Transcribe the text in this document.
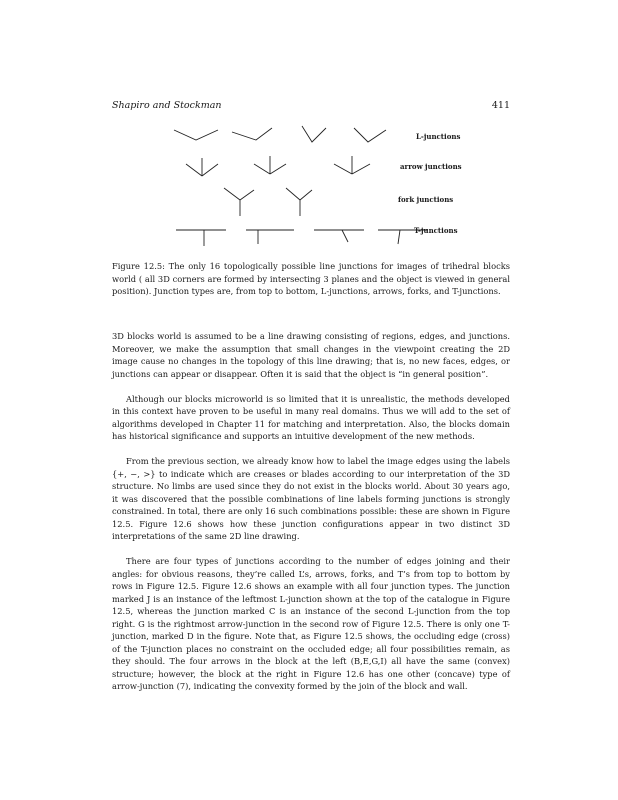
Shapiro and Stockman	411
L-junctions
arrow junctions
fork junctions
T-junctions
Figure 12.5: The only 16 topologically possible line junctions for images of trihedral blocks world ( all 3D corners are formed by intersecting 3 planes and the object is viewed in general position). Junction types are, from top to bottom, L-junctions, arrows, forks, and T-junctions.

3D blocks world is assumed to be a line drawing consisting of regions, edges, and junctions. Moreover, we make the assumption that small changes in the viewpoint creating the 2D image cause no changes in the topology of this line drawing; that is, no new faces, edges, or junctions can appear or disappear. Often it is said that the object is “in general position”.

Although our blocks microworld is so limited that it is unrealistic, the methods developed in this context have proven to be useful in many real domains. Thus we will add to the set of algorithms developed in Chapter 11 for matching and interpretation. Also, the blocks domain has historical significance and supports an intuitive development of the new methods.

From the previous section, we already know how to label the image edges using the labels {+, −, >} to indicate which are creases or blades according to our interpretation of the 3D structure. No limbs are used since they do not exist in the blocks world. About 30 years ago, it was discovered that the possible combinations of line labels forming junctions is strongly constrained. In total, there are only 16 such combinations possible: these are shown in Figure 12.5. Figure 12.6 shows how these junction configurations appear in two distinct 3D interpretations of the same 2D line drawing.

There are four types of junctions according to the number of edges joining and their angles: for obvious reasons, they’re called L’s, arrows, forks, and T’s from top to bottom by rows in Figure 12.5. Figure 12.6 shows an example with all four junction types. The junction marked J is an instance of the leftmost L-junction shown at the top of the catalogue in Figure 12.5, whereas the junction marked C is an instance of the second L-junction from the top right. G is the rightmost arrow-junction in the second row of Figure 12.5. There is only one T-junction, marked D in the figure. Note that, as Figure 12.5 shows, the occluding edge (cross) of the T-junction places no constraint on the occluded edge; all four possibilities remain, as they should. The four arrows in the block at the left (B,E,G,I) all have the same (convex) structure; however, the block at the right in Figure 12.6 has one other (concave) type of arrow-junction (7), indicating the convexity formed by the join of the block and wall.
